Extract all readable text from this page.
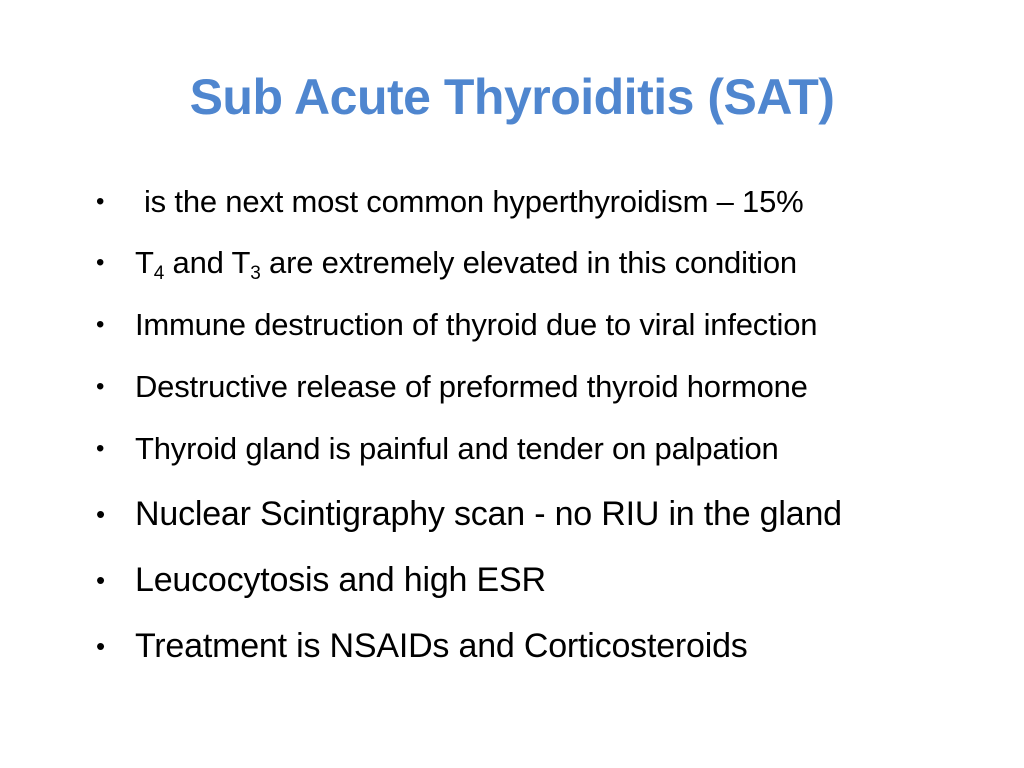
Sub Acute Thyroiditis (SAT)
• is the next most common hyperthyroidism – 15%
• $T_4$ and $T_3$ are extremely elevated in this condition
• Immune destruction of thyroid due to viral infection
• Destructive release of preformed thyroid hormone
• Thyroid gland is painful and tender on palpation
• Nuclear Scintigraphy scan - no RIU in the gland
• Leucocytosis and high ESR
• Treatment is NSAIDs and Corticosteroids
